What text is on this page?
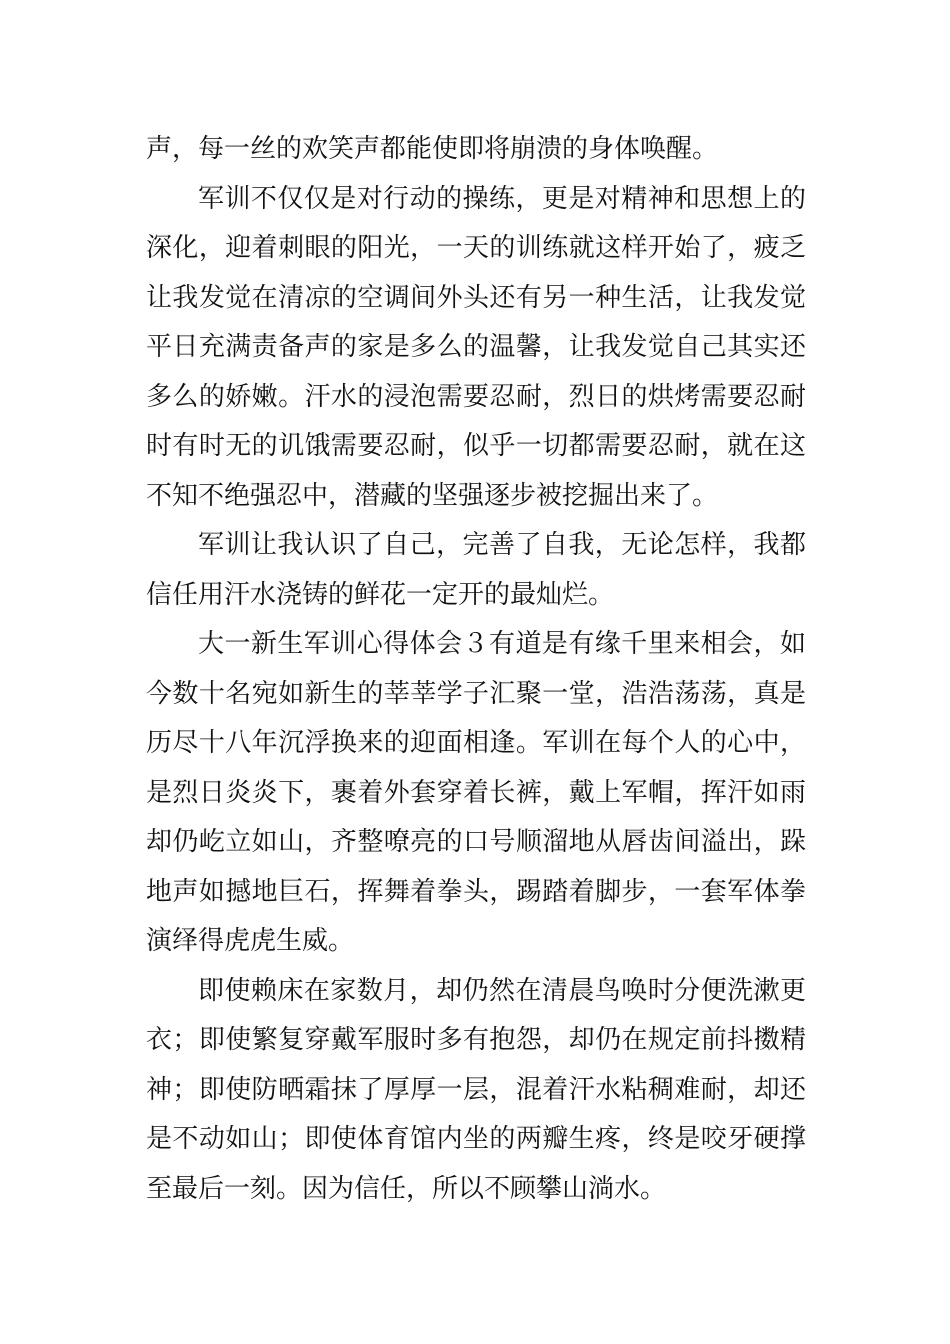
声，每一丝的欢笑声都能使即将崩溃的身体唤醒。

军训不仅仅是对行动的操练，更是对精神和思想上的深化，迎着刺眼的阳光，一天的训练就这样开始了，疲乏让我发觉在清凉的空调间外头还有另一种生活，让我发觉平日充满责备声的家是多么的温馨，让我发觉自己其实还多么的娇嫩。汗水的浸泡需要忍耐，烈日的烘烤需要忍耐时有时无的讥饿需要忍耐，似乎一切都需要忍耐，就在这不知不绝强忍中，潜藏的坚强逐步被挖掘出来了。

军训让我认识了自己，完善了自我，无论怎样，我都信任用汗水浇铸的鲜花一定开的最灿烂。

大一新生军训心得体会３有道是有缘千里来相会，如今数十名宛如新生的莘莘学子汇聚一堂，浩浩荡荡，真是历尽十八年沉浮换来的迎面相逢。军训在每个人的心中，是烈日炎炎下，裹着外套穿着长裤，戴上军帽，挥汗如雨却仍屹立如山，齐整嘹亮的口号顺溜地从唇齿间溢出，跺地声如撼地巨石，挥舞着拳头，踢踏着脚步，一套军体拳演绎得虎虎生威。

即使赖床在家数月，却仍然在清晨鸟唤时分便洗漱更衣；即使繁复穿戴军服时多有抱怨，却仍在规定前抖擞精神；即使防晒霜抹了厚厚一层，混着汗水粘稠难耐，却还是不动如山；即使体育馆内坐的两瓣生疼，终是咬牙硬撑至最后一刻。因为信任，所以不顾攀山淌水。
